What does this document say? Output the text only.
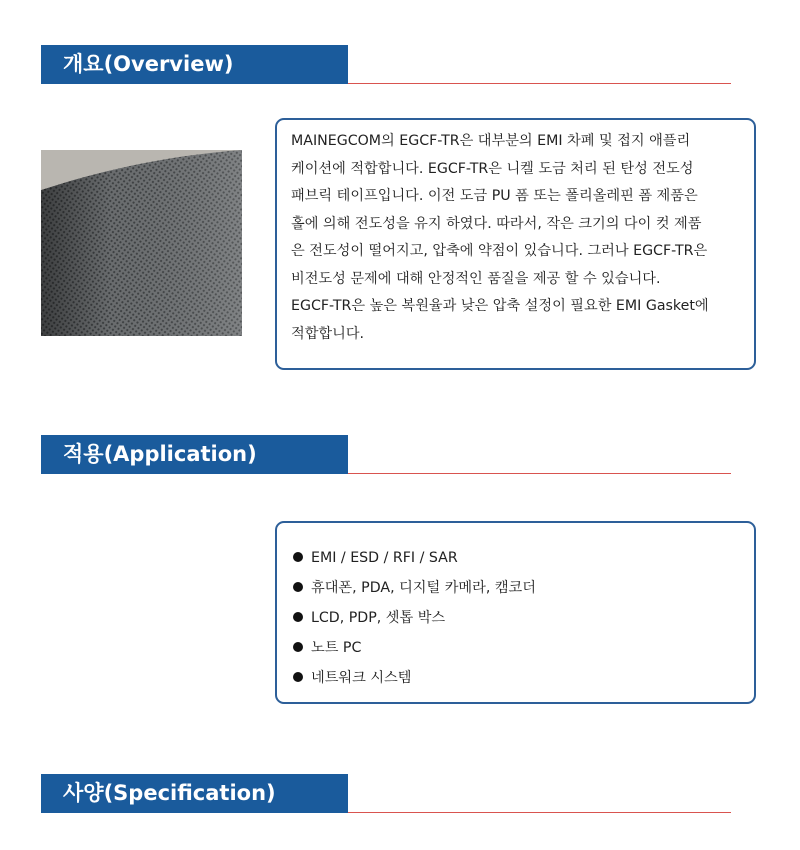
개요(Overview)

MAINEGCOM의 EGCF-TR은 대부분의 EMI 차폐 및 접지 애플리

케이션에 적합합니다. EGCF-TR은 니켈 도금 처리 된 탄성 전도성

패브릭 테이프입니다. 이전 도금 PU 폼 또는 폴리올레핀 폼 제품은

홀에 의해 전도성을 유지 하였다. 따라서, 작은 크기의 다이 컷 제품

은 전도성이 떨어지고, 압축에 약점이 있습니다. 그러나 EGCF-TR은

비전도성 문제에 대해 안정적인 품질을 제공 할 수 있습니다.

EGCF-TR은 높은 복원율과 낮은 압축 설정이 필요한 EMI Gasket에

적합합니다.

적용(Application)
EMI / ESD / RFI / SAR
휴대폰, PDA, 디지털 카메라, 캠코더
LCD, PDP, 셋톱 박스
노트 PC
네트워크 시스템
사양(Specification)
